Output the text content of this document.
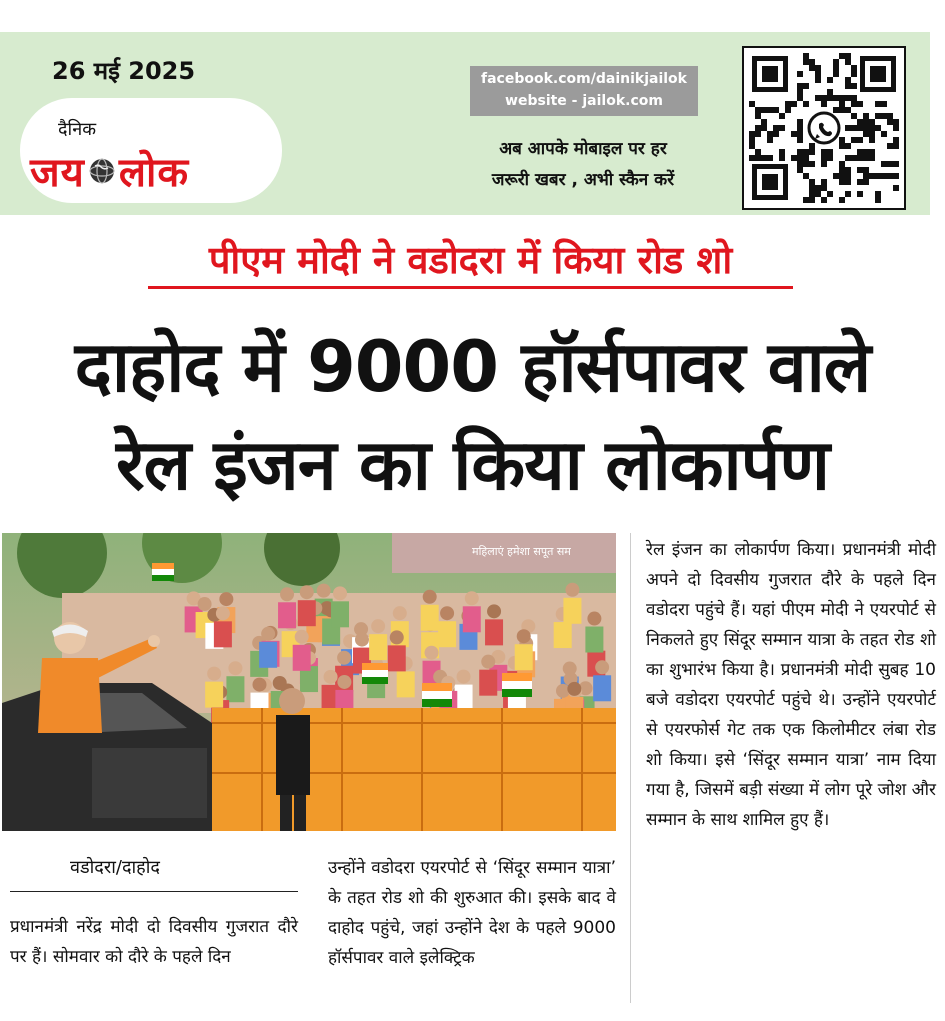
26 मई 2025
दैनिक
जय लोक
facebook.com/dainikjailok
website - jailok.com
अब आपके मोबाइल पर हर
जरूरी खबर , अभी स्कैन करें
पीएम मोदी ने वडोदरा में किया रोड शो
दाहोद में 9000 हॉर्सपावर वाले
रेल इंजन का किया लोकार्पण
महिलाएं हमेशा सपूत सम	रेल इंजन का लोकार्पण किया। प्रधानमंत्री मोदी अपने दो दिवसीय गुजरात दौरे के पहले दिन वडोदरा पहुंचे हैं। यहां पीएम मोदी ने एयरपोर्ट से निकलते हुए सिंदूर सम्मान यात्रा के तहत रोड शो का शुभारंभ किया है। प्रधानमंत्री मोदी सुबह 10 बजे वडोदरा एयरपोर्ट पहुंचे थे। उन्होंने एयरपोर्ट से एयरफोर्स गेट तक एक किलोमीटर लंबा रोड शो किया। इसे ‘सिंदूर सम्मान यात्रा’ नाम दिया गया है, जिसमें बड़ी संख्या में लोग पूरे जोश और सम्मान के साथ शामिल हुए हैं।
उन्होंने वडोदरा एयरपोर्ट से ‘सिंदूर सम्मान यात्रा’ के तहत रोड शो की शुरुआत की। इसके बाद वे दाहोद पहुंचे, जहां उन्होंने देश के पहले 9000 हॉर्सपावर वाले इलेक्ट्रिक
वडोदरा/दाहोद
प्रधानमंत्री नरेंद्र मोदी दो दिवसीय गुजरात दौरे पर हैं। सोमवार को दौरे के पहले दिन
